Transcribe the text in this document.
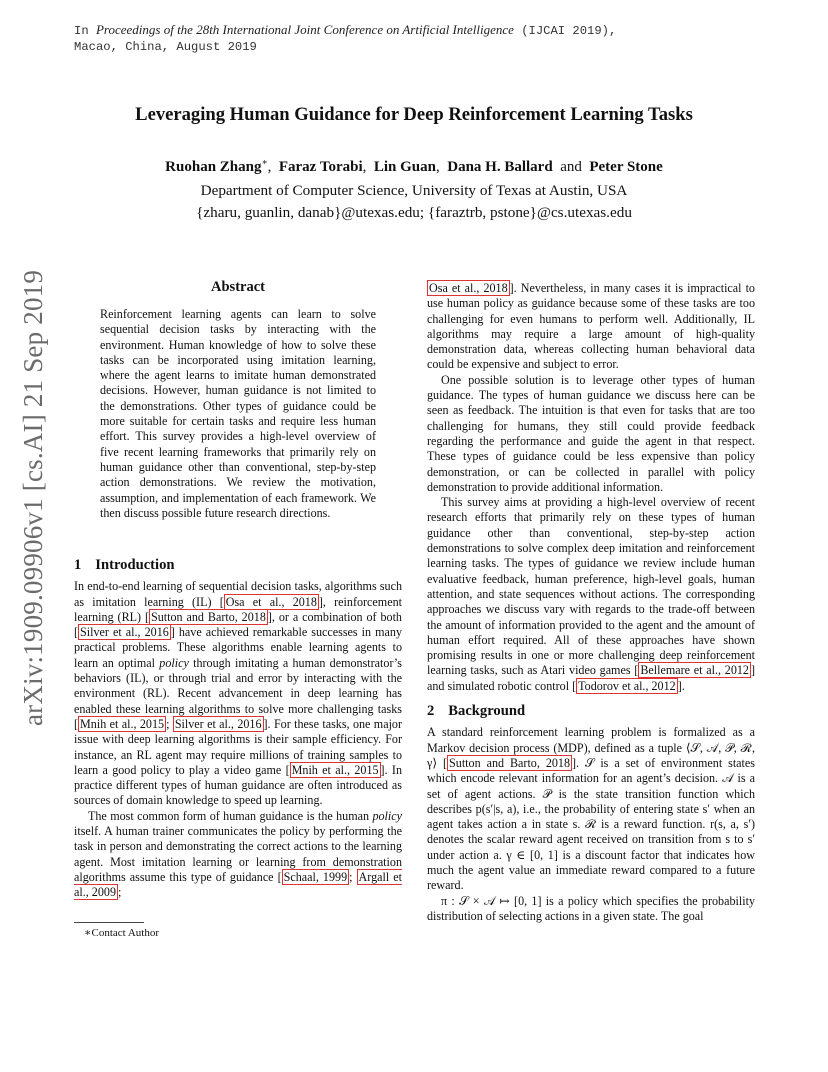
In Proceedings of the 28th International Joint Conference on Artificial Intelligence (IJCAI 2019),
Macao, China, August 2019
Leveraging Human Guidance for Deep Reinforcement Learning Tasks
Ruohan Zhang∗,  Faraz Torabi,  Lin Guan,  Dana H. Ballard and Peter Stone
Department of Computer Science, University of Texas at Austin, USA
{zharu, guanlin, danab}@utexas.edu; {faraztrb, pstone}@cs.utexas.edu
arXiv:1909.09906v1 [cs.AI] 21 Sep 2019	Abstract
Reinforcement learning agents can learn to solve sequential decision tasks by interacting with the environment. Human knowledge of how to solve these tasks can be incorporated using imitation learning, where the agent learns to imitate human demonstrated decisions. However, human guidance is not limited to the demonstrations. Other types of guidance could be more suitable for certain tasks and require less human effort. This survey provides a high-level overview of five recent learning frameworks that primarily rely on human guidance other than conventional, step-by-step action demonstrations. We review the motivation, assumption, and implementation of each framework. We then discuss possible future research directions.
1 Introduction

In end-to-end learning of sequential decision tasks, algorithms such as imitation learning (IL) [ Osa et al., 2018 ], reinforcement learning (RL) [ Sutton and Barto, 2018 ], or a combination of both [ Silver et al., 2016 ] have achieved remarkable successes in many practical problems. These algorithms enable learning agents to learn an optimal policy through imitating a human demonstrator’s behaviors (IL), or through trial and error by interacting with the environment (RL). Recent advancement in deep learning has enabled these learning algorithms to solve more challenging tasks [ Mnih et al., 2015 ; Silver et al., 2016 ]. For these tasks, one major issue with deep learning algorithms is their sample efficiency. For instance, an RL agent may require millions of training samples to learn a good policy to play a video game [ Mnih et al., 2015 ]. In practice different types of human guidance are often introduced as sources of domain knowledge to speed up learning.

The most common form of human guidance is the human policy itself. A human trainer communicates the policy by performing the task in person and demonstrating the correct actions to the learning agent. Most imitation learning or learning from demonstration algorithms assume this type of guidance [ Schaal, 1999 ; Argall et al., 2009 ;

∗Contact Author

Osa et al., 2018 ]. Nevertheless, in many cases it is impractical to use human policy as guidance because some of these tasks are too challenging for even humans to perform well. Additionally, IL algorithms may require a large amount of high-quality demonstration data, whereas collecting human behavioral data could be expensive and subject to error.

One possible solution is to leverage other types of human guidance. The types of human guidance we discuss here can be seen as feedback. The intuition is that even for tasks that are too challenging for humans, they still could provide feedback regarding the performance and guide the agent in that respect. These types of guidance could be less expensive than policy demonstration, or can be collected in parallel with policy demonstration to provide additional information.

This survey aims at providing a high-level overview of recent research efforts that primarily rely on these types of human guidance other than conventional, step-by-step action demonstrations to solve complex deep imitation and reinforcement learning tasks. The types of guidance we review include human evaluative feedback, human preference, high-level goals, human attention, and state sequences without actions. The corresponding approaches we discuss vary with regards to the trade-off between the amount of information provided to the agent and the amount of human effort required. All of these approaches have shown promising results in one or more challenging deep reinforcement learning tasks, such as Atari video games [ Bellemare et al., 2012 ] and simulated robotic control [ Todorov et al., 2012 ].

2 Background

A standard reinforcement learning problem is formalized as a Markov decision process (MDP), defined as a tuple ⟨𝒮, 𝒜, 𝒫, ℛ, γ⟩ [ Sutton and Barto, 2018 ]. 𝒮 is a set of environment states which encode relevant information for an agent’s decision. 𝒜 is a set of agent actions. 𝒫 is the state transition function which describes p(s′|s, a), i.e., the probability of entering state s′ when an agent takes action a in state s. ℛ is a reward function. r(s, a, s′) denotes the scalar reward agent received on transition from s to s′ under action a. γ ∈ [0, 1] is a discount factor that indicates how much the agent value an immediate reward compared to a future reward.

π : 𝒮 × 𝒜 ↦ [0, 1] is a policy which specifies the probability distribution of selecting actions in a given state. The goal
